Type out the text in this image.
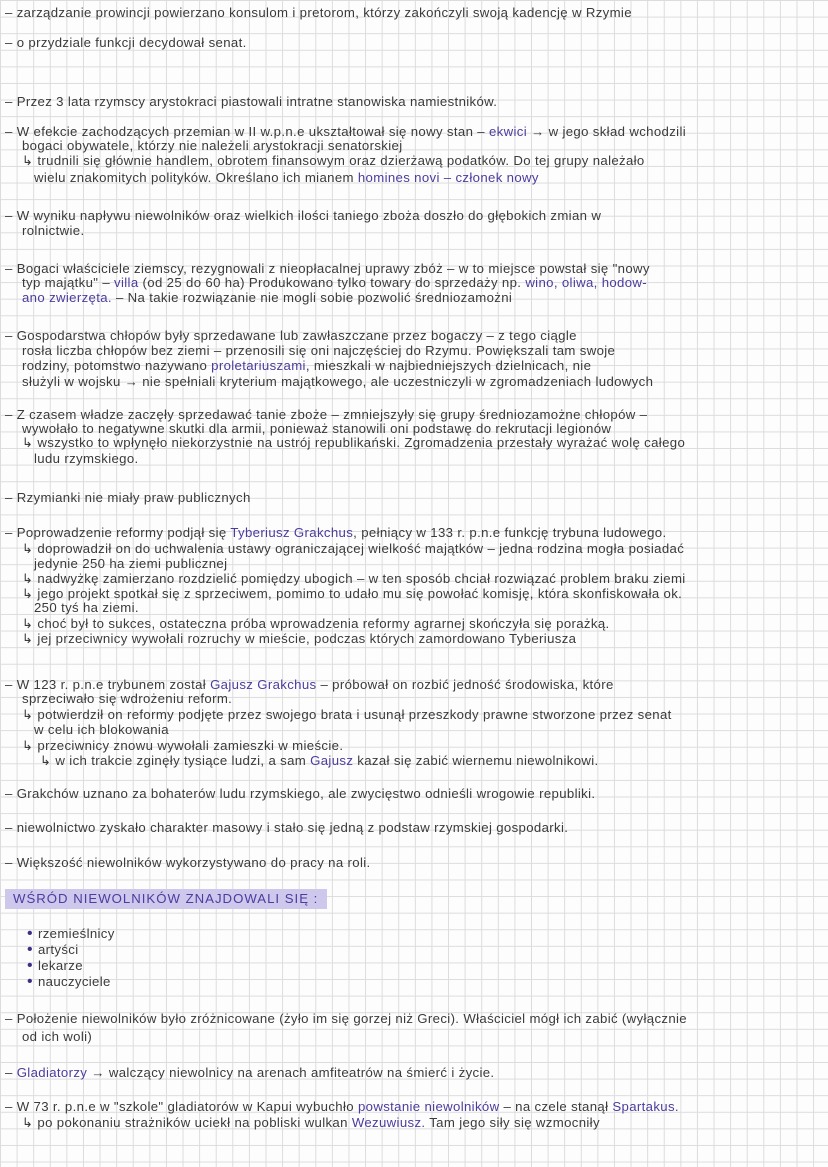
– zarządzanie prowincji powierzano konsulom i pretorom, którzy zakończyli swoją kadencję w Rzymie
– o przydziale funkcji decydował senat.
– Przez 3 lata rzymscy arystokraci piastowali intratne stanowiska namiestników.
– W efekcie zachodzących przemian w II w.p.n.e ukształtował się nowy stan – ekwici → w jego skład wchodzili
bogaci obywatele, którzy nie należeli arystokracji senatorskiej
↳ trudnili się głównie handlem, obrotem finansowym oraz dzierżawą podatków. Do tej grupy należało
wielu znakomitych polityków. Określano ich mianem homines novi – członek nowy
– W wyniku napływu niewolników oraz wielkich ilości taniego zboża doszło do głębokich zmian w
rolnictwie.
– Bogaci właściciele ziemscy, rezygnowali z nieopłacalnej uprawy zbóż – w to miejsce powstał się "nowy
typ majątku" – villa (od 25 do 60 ha) Produkowano tylko towary do sprzedaży np. wino, oliwa, hodow-
ano zwierzęta. – Na takie rozwiązanie nie mogli sobie pozwolić średniozamożni
– Gospodarstwa chłopów były sprzedawane lub zawłaszczane przez bogaczy – z tego ciągle
rosła liczba chłopów bez ziemi – przenosili się oni najczęściej do Rzymu. Powiększali tam swoje
rodziny, potomstwo nazywano proletariuszami, mieszkali w najbiedniejszych dzielnicach, nie
służyli w wojsku → nie spełniali kryterium majątkowego, ale uczestniczyli w zgromadzeniach ludowych
– Z czasem władze zaczęły sprzedawać tanie zboże – zmniejszyły się grupy średniozamożne chłopów –
wywołało to negatywne skutki dla armii, ponieważ stanowili oni podstawę do rekrutacji legionów
↳ wszystko to wpłynęło niekorzystnie na ustrój republikański. Zgromadzenia przestały wyrażać wolę całego
ludu rzymskiego.
– Rzymianki nie miały praw publicznych
– Poprowadzenie reformy podjął się Tyberiusz Grakchus, pełniący w 133 r. p.n.e funkcję trybuna ludowego.
↳ doprowadził on do uchwalenia ustawy ograniczającej wielkość majątków – jedna rodzina mogła posiadać
jedynie 250 ha ziemi publicznej
↳ nadwyżkę zamierzano rozdzielić pomiędzy ubogich – w ten sposób chciał rozwiązać problem braku ziemi
↳ jego projekt spotkał się z sprzeciwem, pomimo to udało mu się powołać komisję, która skonfiskowała ok.
250 tyś ha ziemi.
↳ choć był to sukces, ostateczna próba wprowadzenia reformy agrarnej skończyła się porażką.
↳ jej przeciwnicy wywołali rozruchy w mieście, podczas których zamordowano Tyberiusza
– W 123 r. p.n.e trybunem został Gajusz Grakchus – próbował on rozbić jedność środowiska, które
sprzeciwało się wdrożeniu reform.
↳ potwierdził on reformy podjęte przez swojego brata i usunął przeszkody prawne stworzone przez senat
w celu ich blokowania
↳ przeciwnicy znowu wywołali zamieszki w mieście.
↳ w ich trakcie zginęły tysiące ludzi, a sam Gajusz kazał się zabić wiernemu niewolnikowi.
– Grakchów uznano za bohaterów ludu rzymskiego, ale zwycięstwo odnieśli wrogowie republiki.
– niewolnictwo zyskało charakter masowy i stało się jedną z podstaw rzymskiej gospodarki.
– Większość niewolników wykorzystywano do pracy na roli.
– Położenie niewolników było zróżnicowane (żyło im się gorzej niż Greci). Właściciel mógł ich zabić (wyłącznie
od ich woli)
– Gladiatorzy → walczący niewolnicy na arenach amfiteatrów na śmierć i życie.
– W 73 r. p.n.e w "szkole" gladiatorów w Kapui wybuchło powstanie niewolników – na czele stanął Spartakus.
↳ po pokonaniu strażników uciekł na pobliski wulkan Wezuwiusz. Tam jego siły się wzmocniły
WŚRÓD NIEWOLNIKÓW ZNAJDOWALI SIĘ :
• rzemieślnicy
• artyści
• lekarze
• nauczyciele
